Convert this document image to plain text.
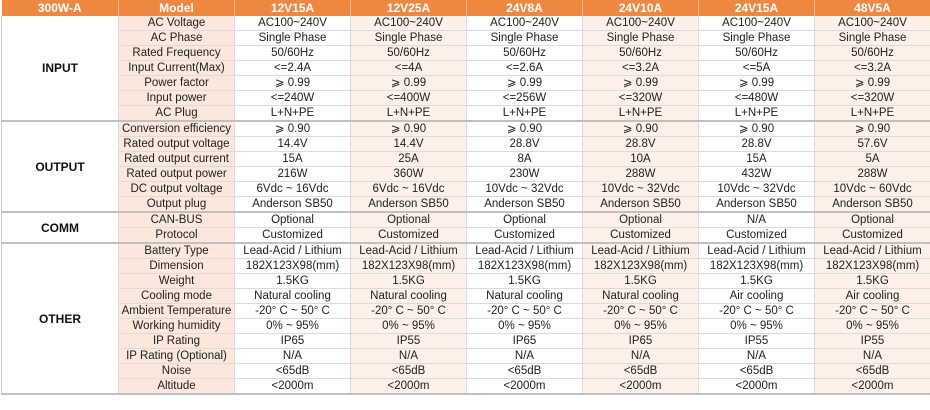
300W-A	Model	12V15A	12V25A	24V8A	24V10A	24V15A	48V5A
INPUT	AC Voltage	AC100~240V	AC100~240V	AC100~240V	AC100~240V	AC100~240V	AC100~240V
	AC Phase	Single Phase	Single Phase	Single Phase	Single Phase	Single Phase	Single Phase
	Rated Frequency	50/60Hz	50/60Hz	50/60Hz	50/60Hz	50/60Hz	50/60Hz
	Input Current(Max)	<=2.4A	<=4A	<=2.6A	<=3.2A	<=5A	<=3.2A
	Power factor	⩾ 0.99	⩾ 0.99	⩾ 0.99	⩾ 0.99	⩾ 0.99	⩾ 0.99
	Input power	<=240W	<=400W	<=256W	<=320W	<=480W	<=320W
	AC Plug	L+N+PE	L+N+PE	L+N+PE	L+N+PE	L+N+PE	L+N+PE
OUTPUT	Conversion efficiency	⩾ 0.90	⩾ 0.90	⩾ 0.90	⩾ 0.90	⩾ 0.90	⩾ 0.90
	Rated output voltage	14.4V	14.4V	28.8V	28.8V	28.8V	57.6V
	Rated output current	15A	25A	8A	10A	15A	5A
	Rated output power	216W	360W	230W	288W	432W	288W
	DC output voltage	6Vdc ~ 16Vdc	6Vdc ~ 16Vdc	10Vdc ~ 32Vdc	10Vdc ~ 32Vdc	10Vdc ~ 32Vdc	10Vdc ~ 60Vdc
	Output plug	Anderson SB50	Anderson SB50	Anderson SB50	Anderson SB50	Anderson SB50	Anderson SB50
COMM	CAN-BUS	Optional	Optional	Optional	Optional	N/A	Optional
	Protocol	Customized	Customized	Customized	Customized	Customized	Customized
OTHER	Battery Type	Lead-Acid / Lithium	Lead-Acid / Lithium	Lead-Acid / Lithium	Lead-Acid / Lithium	Lead-Acid / Lithium	Lead-Acid / Lithium
	Dimension	182X123X98(mm)	182X123X98(mm)	182X123X98(mm)	182X123X98(mm)	182X123X98(mm)	182X123X98(mm)
	Weight	1.5KG	1.5KG	1.5KG	1.5KG	1.5KG	1.5KG
	Cooling mode	Natural cooling	Natural cooling	Natural cooling	Natural cooling	Air cooling	Air cooling
	Ambient Temperature	-20° C ~ 50° C	-20° C ~ 50° C	-20° C ~ 50° C	-20° C ~ 50° C	-20° C ~ 50° C	-20° C ~ 50° C
	Working humidity	0% ~ 95%	0% ~ 95%	0% ~ 95%	0% ~ 95%	0% ~ 95%	0% ~ 95%
	IP Rating	IP65	IP55	IP65	IP65	IP55	IP55
	IP Rating (Optional)	N/A	N/A	N/A	N/A	N/A	N/A
	Noise	<65dB	<65dB	<65dB	<65dB	<65dB	<65dB
	Altitude	<2000m	<2000m	<2000m	<2000m	<2000m	<2000m
